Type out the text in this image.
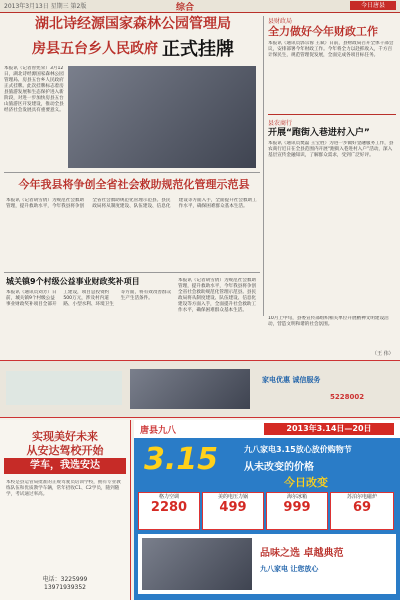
2013年3月13日 星期三 第2版	综合	今日唐县
湖北诗经源国家森林公园管理局
房县五台乡人民政府 正式挂牌
本报讯（记者曾宪荣）3月12日，湖北诗经源国家森林公园管理局、房县五台乡人民政府正式挂牌。此次挂牌标志着房县旅游发展和生态保护进入新阶段，对进一步加快房县五台山旅游区开发建设，推动全县经济社会发展具有重要意义。
县财政局
全力做好今年财政工作
本报讯（通讯员郭宗蓉 王斌）日前，县财政局召开全体干部会议，安排部署今年财政工作。今年将全力以赴抓收入，千方百计保民生，规范管理促发展，全面完成各项目标任务。
县农商行
开展“跑街入巷进村入户”
本报讯（通讯员樊磊 王宝胜）为进一步做好金融服务工作，县农商行近日在全县范围内开展“跑街入巷进村入户”活动，深入基层宣传金融知识，了解群众需求，受到广泛好评。
今年我县将争创全省社会救助规范化管理示范县
本报讯（记者胡雪倩）为规范社会救助管理，提升救助水平，今年我县将争创全省社会救助规范化管理示范县。县民政局将从制度建设、队伍建设、信息化建设等方面入手，全面提升社会救助工作水平，确保困难群众基本生活。
城关镇9个村级公益事业财政奖补项目
本报讯（通讯员刘芳）日前，城关镇9个村级公益事业财政奖补项目全部开工建设，项目总投资约500万元，涉及村内道路、小型水利、环境卫生等方面，将有效改善群众生产生活条件。
本报讯（记者胡雪倩）为规范社会救助管理，提升救助水平，今年我县将争创全省社会救助规范化管理示范县。县民政局将从制度建设、队伍建设、信息化建设等方面入手，全面提升社会救助工作水平，确保困难群众基本生活。
10月上中旬，县委宣传部组织相关单位开展精神文明建设活动，营造文明和谐的社会氛围。
（王 伟）
家电优惠 诚信服务
5228002
实现美好未来
从安达驾校开始
学车，我选安达
本校是县运管局批准的正规驾驶员培训学校，拥有专业教练队伍和优质教学车辆，常年招收C1、C2学员，随到随学，考试通过率高。
电话：3225999
13971939352
唐县九八	2013年3.14日—20日
3.15	九八家电3.15放心放价购物节
从未改变的价格
今日改变
格力空调
2280
美的电压力锅
499
海尔冰箱
999
苏泊尔电磁炉
69
品味之选 卓越典范
九八家电 让您放心
